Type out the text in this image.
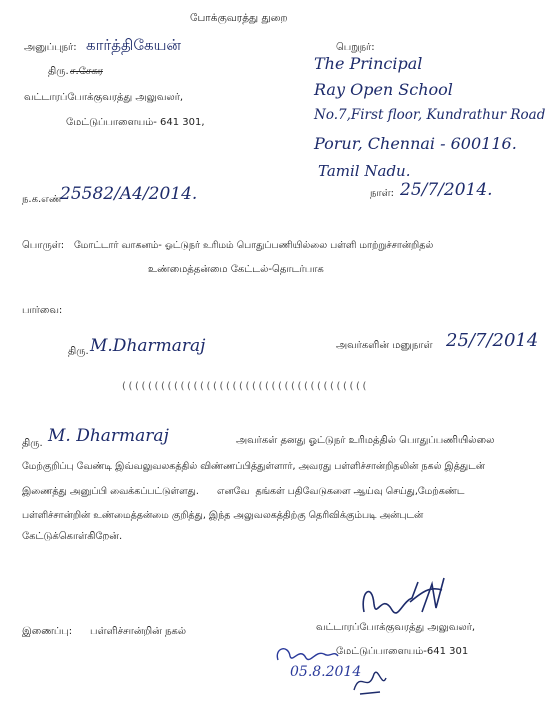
போக்குவரத்து துறை
அனுப்புநர்: கார்த்திகேயன்
திரு. ச.சேகர
வட்டாரப்போக்குவரத்து அலுவலர்,
மேட்டுப்பாளையம்- 641 301,
பெறுநர்:
The Principal
Ray Open School
No.7,First floor, Kundrathur Road
Porur, Chennai - 600116.
Tamil Nadu.
ந.க.எண்
25582/A4/2014.	நாள்: 25/7/2014.
பொருள்: மோட்டார் வாகனம்- ஓட்டுநர் உரிமம் பொதுப்பணியில்லை பள்ளி மாற்றுச்சான்றிதல்
உண்மைத்தன்மை கேட்டல்-தொடர்பாக
பார்வை:
திரு. M.Dharmaraj	அவர்களின் மனுநாள் 25/7/2014
((((((((((((((((((((((((((((((((((((((
திரு. M. Dharmaraj	அவர்கள் தனது ஓட்டுநர் உரிமத்தில் பொதுப்பணியில்லை
மேற்குறிப்பு வேண்டி இவ்வலுவலகத்தில் விண்ணப்பித்துள்ளார், அவரது பள்ளிச்சான்றிதலின் நகல் இத்துடன்
இணைத்து அனுப்பி வைக்கப்பட்டுள்ளது.      எனவே  தங்கள் பதிவேடுகளை ஆய்வு செய்து,மேற்கண்ட
பள்ளிச்சான்றின் உண்மைத்தன்மை குறித்து, இந்த அலுவலகத்திற்கு தெரிவிக்கும்படி அன்புடன்
கேட்டுக்கொள்கிறேன்.
இணைப்பு: பள்ளிச்சான்றின் நகல்	வட்டாரப்போக்குவரத்து அலுவலர்,
மேட்டுப்பாளையம்-641 301
05.8.2014
